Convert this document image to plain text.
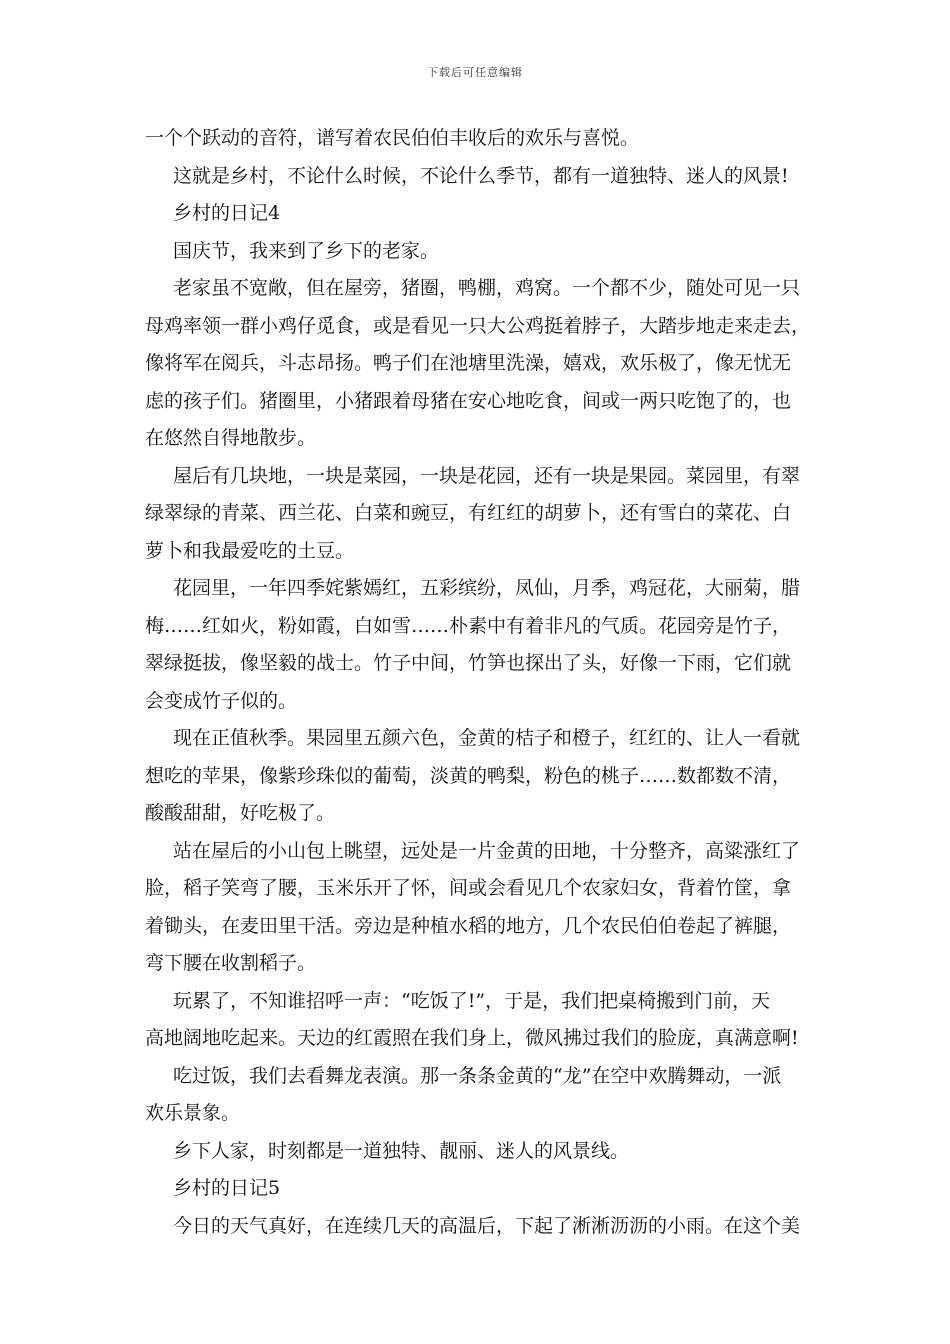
下载后可任意编辑
一个个跃动的音符，谱写着农民伯伯丰收后的欢乐与喜悦。
这就是乡村，不论什么时候，不论什么季节，都有一道独特、迷人的风景!
乡村的日记4
国庆节，我来到了乡下的老家。
老家虽不宽敞，但在屋旁，猪圈，鸭棚，鸡窝。一个都不少，随处可见一只
母鸡率领一群小鸡仔觅食，或是看见一只大公鸡挺着脖子，大踏步地走来走去，
像将军在阅兵，斗志昂扬。鸭子们在池塘里洗澡，嬉戏，欢乐极了，像无忧无
虑的孩子们。猪圈里，小猪跟着母猪在安心地吃食，间或一两只吃饱了的，也
在悠然自得地散步。
屋后有几块地，一块是菜园，一块是花园，还有一块是果园。菜园里，有翠
绿翠绿的青菜、西兰花、白菜和豌豆，有红红的胡萝卜，还有雪白的菜花、白
萝卜和我最爱吃的土豆。
花园里，一年四季姹紫嫣红，五彩缤纷，凤仙，月季，鸡冠花，大丽菊，腊
梅……红如火，粉如霞，白如雪……朴素中有着非凡的气质。花园旁是竹子，
翠绿挺拔，像坚毅的战士。竹子中间，竹笋也探出了头，好像一下雨，它们就
会变成竹子似的。
现在正值秋季。果园里五颜六色，金黄的桔子和橙子，红红的、让人一看就
想吃的苹果，像紫珍珠似的葡萄，淡黄的鸭梨，粉色的桃子……数都数不清，
酸酸甜甜，好吃极了。
站在屋后的小山包上眺望，远处是一片金黄的田地，十分整齐，高粱涨红了
脸，稻子笑弯了腰，玉米乐开了怀，间或会看见几个农家妇女，背着竹筐，拿
着锄头，在麦田里干活。旁边是种植水稻的地方，几个农民伯伯卷起了裤腿，
弯下腰在收割稻子。
玩累了，不知谁招呼一声：“吃饭了!”，于是，我们把桌椅搬到门前，天
高地阔地吃起来。天边的红霞照在我们身上，微风拂过我们的脸庞，真满意啊!
吃过饭，我们去看舞龙表演。那一条条金黄的“龙”在空中欢腾舞动，一派
欢乐景象。
乡下人家，时刻都是一道独特、靓丽、迷人的风景线。
乡村的日记5
今日的天气真好，在连续几天的高温后，下起了淅淅沥沥的小雨。在这个美
